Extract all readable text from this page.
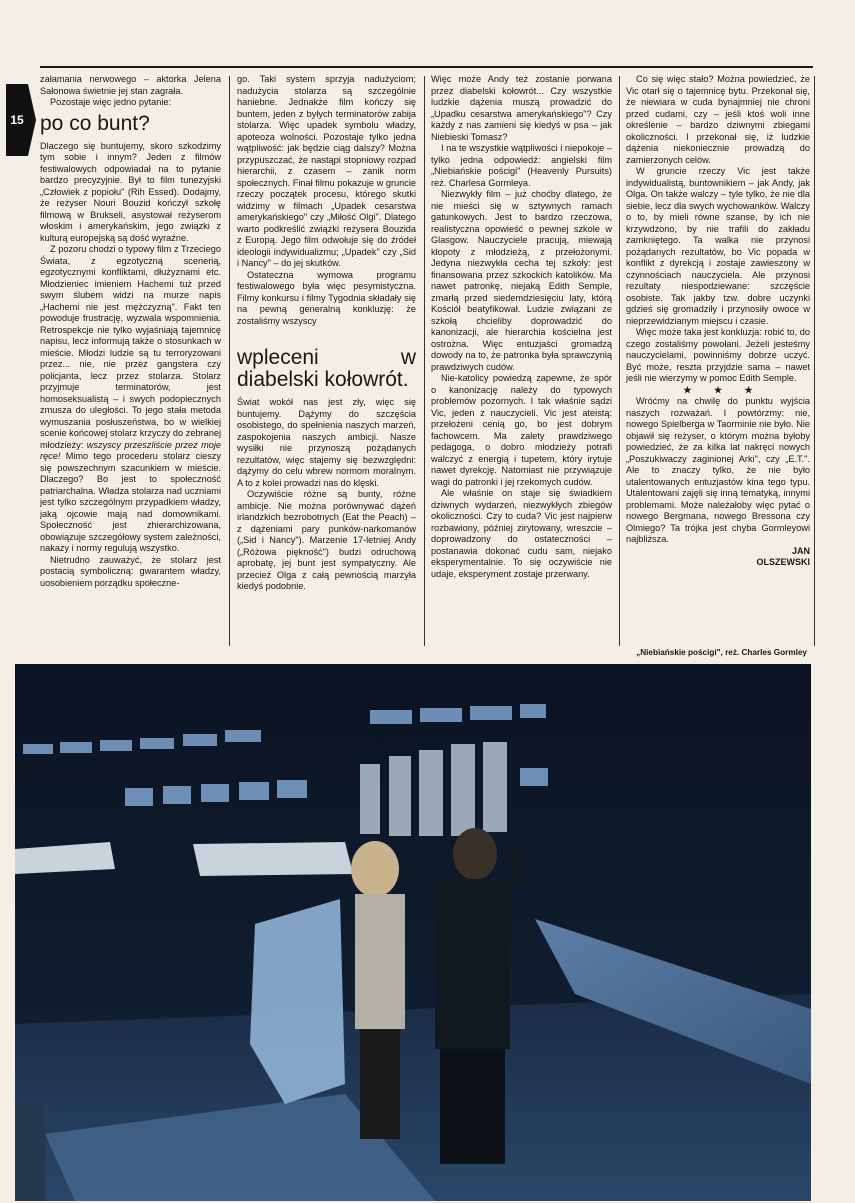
15

załamania nerwowego – aktorka Jelena Sałonowa świetnie jej stan zagrała.

Pozostaje więc jedno pytanie:

po co bunt?

Dlaczego się buntujemy, skoro szkodzimy tym sobie i innym? Jeden z filmów festiwalowych odpowiadał na to pytanie bardzo precyzyjnie. Był to film tunezyjski „Człowiek z popiołu" (Rih Essed). Dodajmy, że reżyser Nouri Bouzid kończył szkołę filmową w Brukseli, asystował reżyserom włoskim i amerykańskim, jego związki z kulturą europejską są dość wyraźne.

Z pozoru chodzi o typowy film z Trzeciego Świata, z egzotyczną scenerią, egzotycznymi konfliktami, dłużyznami etc. Młodzieniec imieniem Hachemi tuż przed swym ślubem widzi na murze napis „Hachemi nie jest mężczyzną". Fakt ten powoduje frustrację, wyzwala wspomnienia. Retrospekcje nie tylko wyjaśniają tajemnicę napisu, lecz informują także o stosunkach w mieście. Młodzi ludzie są tu terroryzowani przez... nie, nie przez gangstera czy policjanta, lecz przez stolarza. Stolarz przyjmuje terminatorów, jest homoseksualistą – i swych podopiecznych zmusza do uległości. To jego stała metoda wymuszania posłuszeństwa, bo w wielkiej scenie końcowej stolarz krzyczy do zebranej młodzieży: wszyscy przeszliście przez moje ręce! Mimo tego procederu stolarz cieszy się powszechnym szacunkiem w mieście. Dlaczego? Bo jest to społeczność patriarchalna. Władza stolarza nad uczniami jest tylko szczególnym przypadkiem władzy, jaką ojcowie mają nad domownikami. Społeczność jest zhierarchizowana, obowiązuje szczegółowy system zależności, nakazy i normy regulują wszystko.

Nietrudno zauważyć, że stolarz jest postacią symboliczną: gwarantem władzy, uosobieniem porządku społeczne-

go. Taki system sprzyja nadużyciom; nadużycia stolarza są szczególnie haniebne. Jednakże film kończy się buntem, jeden z byłych terminatorów zabija stolarza. Więc upadek symbolu władzy, apoteoza wolności. Pozostaje tylko jedna wątpliwość: jak będzie ciąg dalszy? Można przypuszczać, że nastąpi stopniowy rozpad hierarchii, z czasem – zanik norm społecznych. Finał filmu pokazuje w gruncie rzeczy początek procesu, którego skutki widzimy w filmach „Upadek cesarstwa amerykańskiego" czy „Miłość Olgi". Dlatego warto podkreślić związki reżysera Bouzida z Europą. Jego film odwołuje się do źródeł ideologii indywidualizmu; „Upadek" czy „Sid i Nancy" – do jej skutków.

Ostateczna wymowa programu festiwalowego była więc pesymistyczna. Filmy konkursu i filmy Tygodnia składały się na pewną generalną konkluzję: że zostaliśmy wszyscy

wpleceni w diabelski kołowrót.

Świat wokół nas jest zły, więc się buntujemy. Dążymy do szczęścia osobistego, do spełnienia naszych marzeń, zaspokojenia naszych ambicji. Nasze wysiłki nie przynoszą pożądanych rezultatów, więc stajemy się bezwzględni: dążymy do celu wbrew normom moralnym. A to z kolei prowadzi nas do klęski.

Oczywiście różne są bunty, różne ambicje. Nie można porównywać dążeń irlandzkich bezrobotnych (Eat the Peach) – z dążeniami pary punków-narkomanów („Sid i Nancy"). Marzenie 17-letniej Andy („Różowa piękność") budzi odruchową aprobatę, jej bunt jest sympatyczny. Ale przecież Olga z całą pewnością marzyła kiedyś podobnie.

Więc może Andy też zostanie porwana przez diabelski kołowrót... Czy wszystkie ludzkie dążenia muszą prowadzić do „Upadku cesarstwa amerykańskiego"? Czy każdy z nas zamieni się kiedyś w psa – jak Niebieski Tomasz?

I na te wszystkie wątpliwości i niepokoje – tylko jedna odpowiedź: angielski film „Niebiańskie pościgi" (Heavenly Pursuits) reż. Charlesa Gormleya.

Niezwykły film – już choćby dlatego, że nie mieści się w sztywnych ramach gatunkowych. Jest to bardzo rzeczowa, realistyczna opowieść o pewnej szkole w Glasgow. Nauczyciele pracują, miewają kłopoty z młodzieżą, z przełożonymi. Jedyna niezwykła cecha tej szkoły: jest finansowana przez szkockich katolików. Ma nawet patronkę, niejaką Edith Semple, zmarłą przed siedemdziesięciu laty, którą Kościół beatyfikował. Ludzie związani ze szkołą chcieliby doprowadzić do kanonizacji, ale hierarchia kościelna jest ostrożna. Więc entuzjaści gromadzą dowody na to, że patronka była sprawczynią prawdziwych cudów.

Nie-katolicy powiedzą zapewne, że spór o kanonizację należy do typowych problemów pozornych. I tak właśnie sądzi Vic, jeden z nauczycieli. Vic jest ateistą: przełożeni cenią go, bo jest dobrym fachowcem. Ma zalety prawdziwego pedagoga, o dobro młodzieży potrafi walczyć z energią i tupetem, który irytuje nawet dyrekcję. Natomiast nie przywiązuje wagi do patronki i jej rzekomych cudów.

Ale właśnie on staje się świadkiem dziwnych wydarzeń, niezwykłych zbiegów okoliczności. Czy to cuda? Vic jest najpierw rozbawiony, później zirytowany, wreszcie – doprowadzony do ostateczności – postanawia dokonać cudu sam, niejako eksperymentalnie. To się oczywiście nie udaje, eksperyment zostaje przerwany.

Co się więc stało? Można powiedzieć, że Vic otarł się o tajemnicę bytu. Przekonał się, że niewiara w cuda bynajmniej nie chroni przed cudami, czy – jeśli ktoś woli inne określenie – bardzo dziwnymi zbiegami okoliczności. I przekonał się, iż ludzkie dążenia niekoniecznie prowadzą do zamierzonych celów.

W gruncie rzeczy Vic jest także indywidualistą, buntownikiem – jak Andy, jak Olga. On także walczy – tyle tylko, że nie dla siebie, lecz dla swych wychowanków. Walczy o to, by mieli równe szanse, by ich nie krzywdzono, by nie trafili do zakładu zamkniętego. Ta walka nie przynosi pożądanych rezultatów, bo Vic popada w konflikt z dyrekcją i zostaje zawieszony w czynnościach nauczyciela. Ale przynosi rezultaty niespodziewane: szczęście osobiste. Tak jakby tzw. dobre uczynki gdzieś się gromadziły i przynosiły owoce w nieprzewidzianym miejscu i czasie.

Więc może taka jest konkluzja: robić to, do czego zostaliśmy powołani. Jeżeli jesteśmy nauczycielami, powinniśmy dobrze uczyć. Być może, reszta przyjdzie sama – nawet jeśli nie wierzymy w pomoc Edith Semple.

★ ★ ★

Wróćmy na chwilę do punktu wyjścia naszych rozważań. I powtórzmy: nie, nowego Spielberga w Taorminie nie było. Nie objawił się reżyser, o którym można byłoby powiedzieć, że za kilka lat nakręci nowych „Poszukiwaczy zaginionej Arki", czy „E.T.". Ale to znaczy tylko, że nie było utalentowanych entuzjastów kina tego typu. Utalentowani zajęli się inną tematyką, innymi problemami. Może należałoby więc pytać o nowego Bergmana, nowego Bressona czy Olmiego? Ta trójka jest chyba Gormleyowi najbliższa.

JAN
OLSZEWSKI

„Niebiańskie pościgi", reż. Charles Gormley
